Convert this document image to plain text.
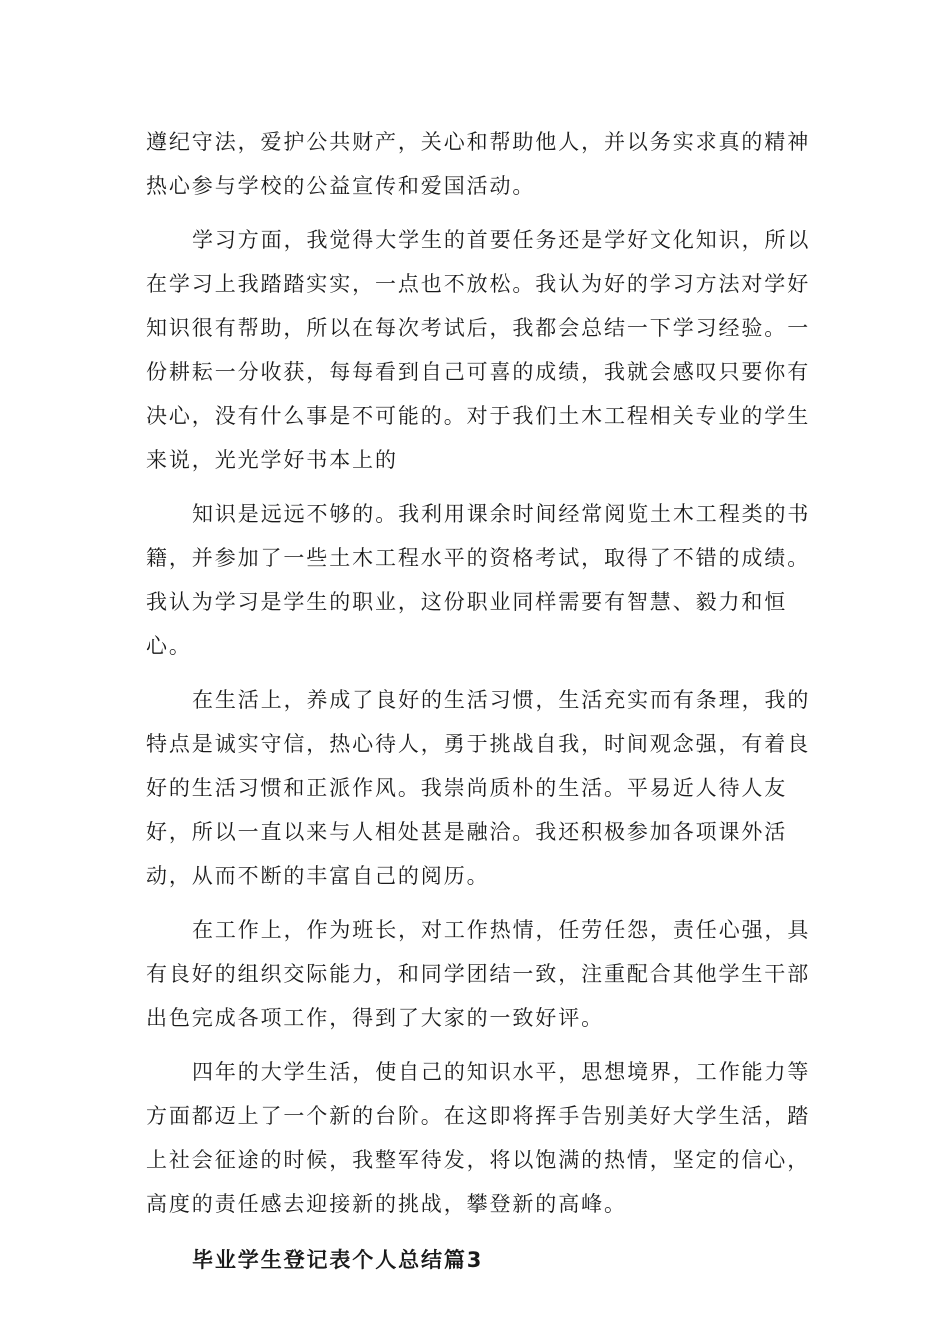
遵纪守法，爱护公共财产，关心和帮助他人，并以务实求真的精神热心参与学校的公益宣传和爱国活动。

学习方面，我觉得大学生的首要任务还是学好文化知识，所以在学习上我踏踏实实，一点也不放松。我认为好的学习方法对学好知识很有帮助，所以在每次考试后，我都会总结一下学习经验。一份耕耘一分收获，每每看到自己可喜的成绩，我就会感叹只要你有决心，没有什么事是不可能的。对于我们土木工程相关专业的学生来说，光光学好书本上的

知识是远远不够的。我利用课余时间经常阅览土木工程类的书籍，并参加了一些土木工程水平的资格考试，取得了不错的成绩。我认为学习是学生的职业，这份职业同样需要有智慧、毅力和恒心。

在生活上，养成了良好的生活习惯，生活充实而有条理，我的特点是诚实守信，热心待人，勇于挑战自我，时间观念强，有着良好的生活习惯和正派作风。我崇尚质朴的生活。平易近人待人友好，所以一直以来与人相处甚是融洽。我还积极参加各项课外活动，从而不断的丰富自己的阅历。

在工作上，作为班长，对工作热情，任劳任怨，责任心强，具有良好的组织交际能力，和同学团结一致，注重配合其他学生干部出色完成各项工作，得到了大家的一致好评。

四年的大学生活，使自己的知识水平，思想境界，工作能力等方面都迈上了一个新的台阶。在这即将挥手告别美好大学生活，踏上社会征途的时候，我整军待发，将以饱满的热情，坚定的信心，高度的责任感去迎接新的挑战，攀登新的高峰。

毕业学生登记表个人总结篇3
